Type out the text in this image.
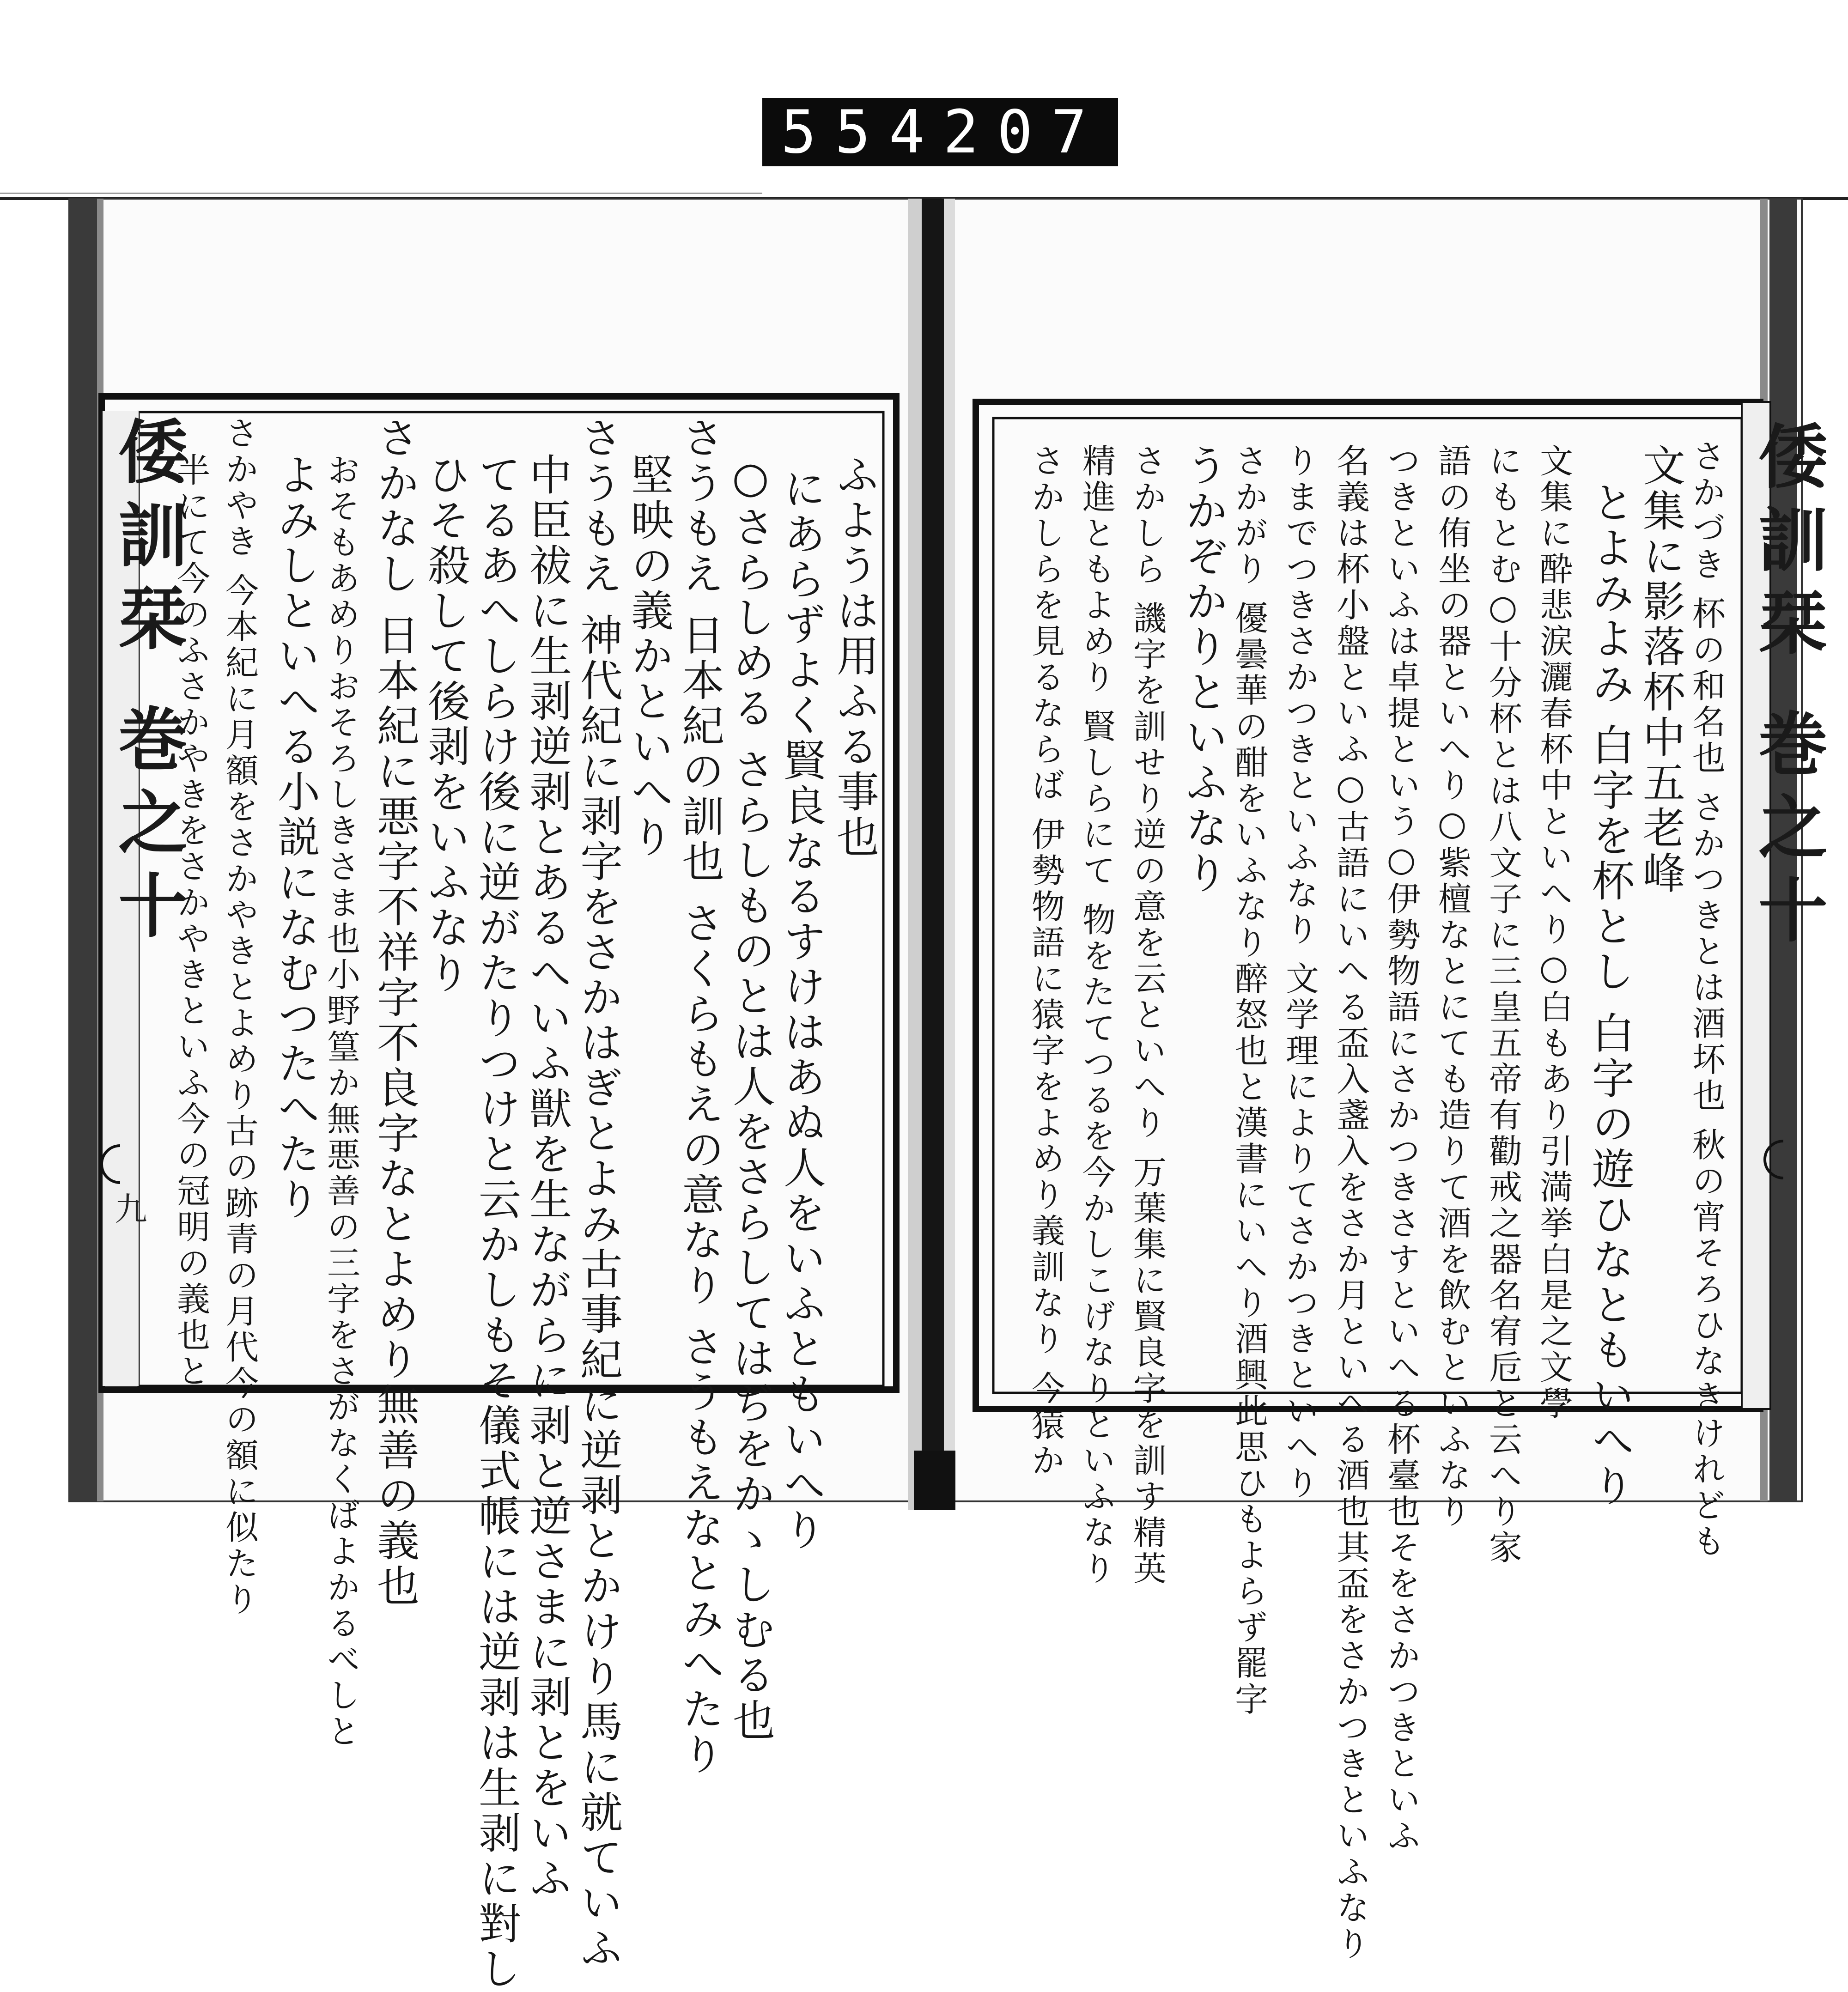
554 207
倭訓栞 巻之十
九
ふようは用ふる事也
にあらずよく賢良なるすけはあぬ人をいふともいへり
○さらしめる さらしものとは人をさらしてはぢをかゝしむる也
さうもえ 日本紀の訓也 さくらもえの意なり さうもえなとみへたり
堅映の義かといへり
さうもえ 神代紀に剥字をさかはぎとよみ古事紀に逆剥とかけり馬に就ていふ
中臣祓に生剥逆剥とあるへいふ獣を生ながらに剥と逆さまに剥とをいふ
てるあへしらけ後に逆がたりつけと云かしもそ儀式帳には逆剥は生剥に對し
ひそ殺して後剥をいふなり
さかなし 日本紀に悪字不祥字不良字なとよめり無善の義也
おそもあめりおそろしきさま也小野篁か無悪善の三字をさがなくばよかるべしと
よみしといへる小説になむつたへたり
さかやき 今本紀に月額をさかやきとよめり古の跡青の月代今の額に似たり
半にて今のふさかやきをさかやきといふ今の冠明の義也と	倭訓栞 巻之十
さかづき 杯の和名也 さかつきとは酒坏也 秋の宵そろひなきけれども
文集に影落杯中五老峰
とよみよみ 白字を杯とし 白字の遊ひなともいへり
文集に酔悲涙灑春杯中といへり○白もあり引満挙白是之文學
にもとむ○十分杯とは八文子に三皇五帝有勸戒之器名宥卮と云へり家
語の侑坐の器といへり○紫檀なとにても造りて酒を飲むといふなり
つきといふは卓提という○伊勢物語にさかつきさすといへる杯臺也そをさかつきといふ
名義は杯小盤といふ○古語にいへる盃入盞入をさか月といへる酒也其盃をさかつきといふなり
りまでつきさかつきといふなり 文学理によりてさかつきといへり
さかがり 優曇華の酣をいふなり醉怒也と漢書にいへり酒興此思ひもよらず罷字
うかぞかりといふなり
さかしら 譏字を訓せり逆の意を云といへり 万葉集に賢良字を訓す精英
精進ともよめり 賢しらにて 物をたてつるを今かしこげなりといふなり
さかしらを見るならば 伊勢物語に猿字をよめり義訓なり 今猿か
